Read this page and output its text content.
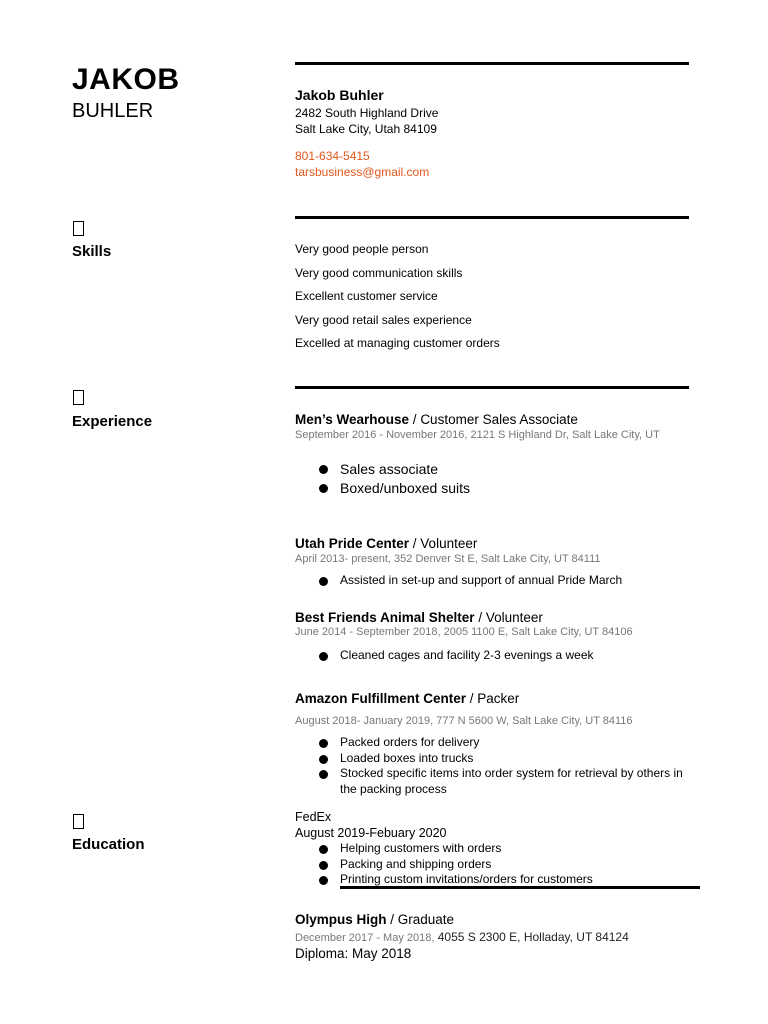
JAKOB
BUHLER
Jakob Buhler
2482 South Highland Drive
Salt Lake City, Utah 84109
801-634-5415
tarsbusiness@gmail.com
Skills	Very good people person
Very good communication skills
Excellent customer service
Very good retail sales experience
Excelled at managing customer orders
Experience	Men’s Wearhouse / Customer Sales Associate
September 2016 - November 2016, 2121 S Highland Dr, Salt Lake City, UT
Sales associate
Boxed/unboxed suits
Utah Pride Center / Volunteer
April 2013- present, 352 Denver St E, Salt Lake City, UT 84111
Assisted in set-up and support of annual Pride March
Best Friends Animal Shelter / Volunteer
June 2014 - September 2018, 2005 1100 E, Salt Lake City, UT 84106
Cleaned cages and facility 2-3 evenings a week
Amazon Fulfillment Center / Packer
August 2018- January 2019, 777 N 5600 W, Salt Lake City, UT 84116
Packed orders for delivery
Loaded boxes into trucks
Stocked specific items into order system for retrieval by others in the packing process
FedEx
August 2019-Febuary 2020
Helping customers with orders
Packing and shipping orders
Printing custom invitations/orders for customers
Education
Olympus High / Graduate
December 2017 - May 2018, 4055 S 2300 E, Holladay, UT 84124
Diploma: May 2018
